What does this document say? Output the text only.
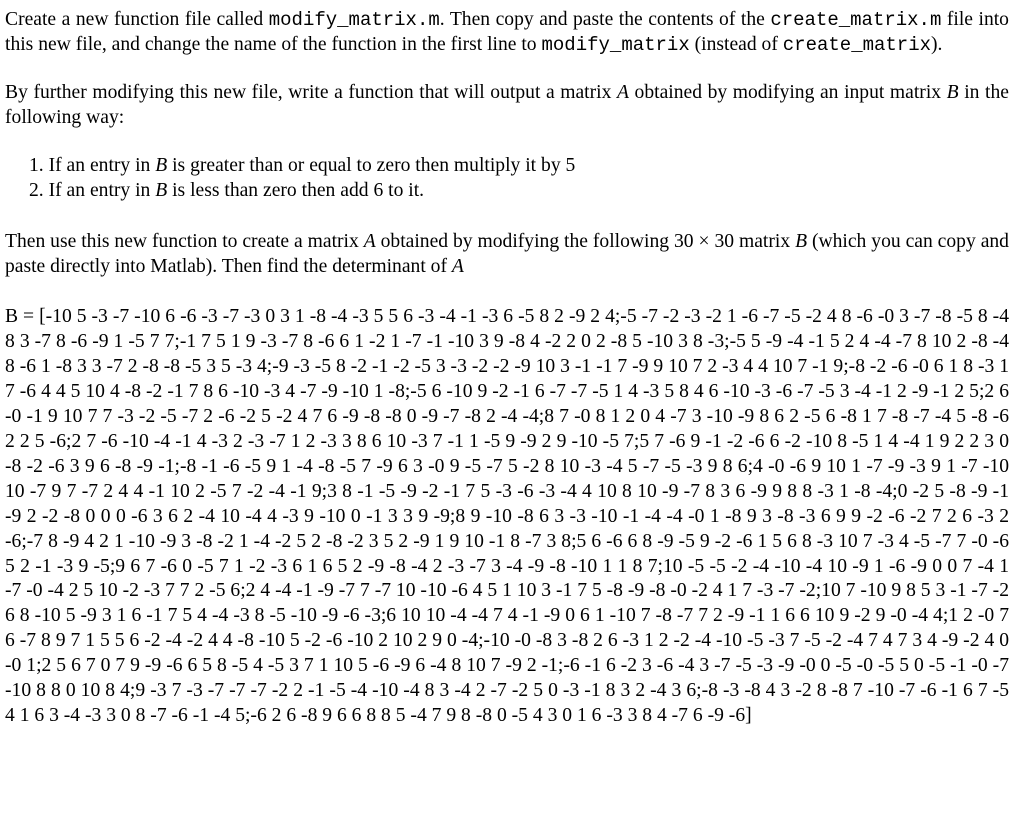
Create a new function file called modify_matrix.m. Then copy and paste the contents of the create_matrix.m file into this new file, and change the name of the function in the first line to modify_matrix (instead of create_matrix).

By further modifying this new file, write a function that will output a matrix A obtained by modifying an input matrix B in the following way:

1. If an entry in B is greater than or equal to zero then multiply it by 5
2. If an entry in B is less than zero then add 6 to it.

Then use this new function to create a matrix A obtained by modifying the following 30 × 30 matrix B (which you can copy and paste directly into Matlab). Then find the determinant of A

B = [-10 5 -3 -7 -10 6 -6 -3 -7 -3 0 3 1 -8 -4 -3 5 5 6 -3 -4 -1 -3 6 -5 8 2 -9 2 4;-5 -7 -2 -3 -2 1 -6 -7 -5 -2 4 8 -6 -0 3 -7 -8 -5 8 -4 8 3 -7 8 -6 -9 1 -5 7 7;-1 7 5 1 9 -3 -7 8 -6 6 1 -2 1 -7 -1 -10 3 9 -8 4 -2 2 0 2 -8 5 -10 3 8 -3;-5 5 -9 -4 -1 5 2 4 -4 -7 8 10 2 -8 -4 8 -6 1 -8 3 3 -7 2 -8 -8 -5 3 5 -3 4;-9 -3 -5 8 -2 -1 -2 -5 3 -3 -2 -2 -9 10 3 -1 -1 7 -9 9 10 7 2 -3 4 4 10 7 -1 9;-8 -2 -6 -0 6 1 8 -3 1 7 -6 4 4 5 10 4 -8 -2 -1 7 8 6 -10 -3 4 -7 -9 -10 1 -8;-5 6 -10 9 -2 -1 6 -7 -7 -5 1 4 -3 5 8 4 6 -10 -3 -6 -7 -5 3 -4 -1 2 -9 -1 2 5;2 6 -0 -1 9 10 7 7 -3 -2 -5 -7 2 -6 -2 5 -2 4 7 6 -9 -8 -8 0 -9 -7 -8 2 -4 -4;8 7 -0 8 1 2 0 4 -7 3 -10 -9 8 6 2 -5 6 -8 1 7 -8 -7 -4 5 -8 -6 2 2 5 -6;2 7 -6 -10 -4 -1 4 -3 2 -3 -7 1 2 -3 3 8 6 10 -3 7 -1 1 -5 9 -9 2 9 -10 -5 7;5 7 -6 9 -1 -2 -6 6 -2 -10 8 -5 1 4 -4 1 9 2 2 3 0 -8 -2 -6 3 9 6 -8 -9 -1;-8 -1 -6 -5 9 1 -4 -8 -5 7 -9 6 3 -0 9 -5 -7 5 -2 8 10 -3 -4 5 -7 -5 -3 9 8 6;4 -0 -6 9 10 1 -7 -9 -3 9 1 -7 -10 10 -7 9 7 -7 2 4 4 -1 10 2 -5 7 -2 -4 -1 9;3 8 -1 -5 -9 -2 -1 7 5 -3 -6 -3 -4 4 10 8 10 -9 -7 8 3 6 -9 9 8 8 -3 1 -8 -4;0 -2 5 -8 -9 -1 -9 2 -2 -8 0 0 0 -6 3 6 2 -4 10 -4 4 -3 9 -10 0 -1 3 3 9 -9;8 9 -10 -8 6 3 -3 -10 -1 -4 -4 -0 1 -8 9 3 -8 -3 6 9 9 -2 -6 -2 7 2 6 -3 2 -6;-7 8 -9 4 2 1 -10 -9 3 -8 -2 1 -4 -2 5 2 -8 -2 3 5 2 -9 1 9 10 -1 8 -7 3 8;5 6 -6 6 8 -9 -5 9 -2 -6 1 5 6 8 -3 10 7 -3 4 -5 -7 7 -0 -6 5 2 -1 -3 9 -5;9 6 7 -6 0 -5 7 1 -2 -3 6 1 6 5 2 -9 -8 -4 2 -3 -7 3 -4 -9 -8 -10 1 1 8 7;10 -5 -5 -2 -4 -10 -4 10 -9 1 -6 -9 0 0 7 -4 1 -7 -0 -4 2 5 10 -2 -3 7 7 2 -5 6;2 4 -4 -1 -9 -7 7 -7 10 -10 -6 4 5 1 10 3 -1 7 5 -8 -9 -8 -0 -2 4 1 7 -3 -7 -2;10 7 -10 9 8 5 3 -1 -7 -2 6 8 -10 5 -9 3 1 6 -1 7 5 4 -4 -3 8 -5 -10 -9 -6 -3;6 10 10 -4 -4 7 4 -1 -9 0 6 1 -10 7 -8 -7 7 2 -9 -1 1 6 6 10 9 -2 9 -0 -4 4;1 2 -0 7 6 -7 8 9 7 1 5 5 6 -2 -4 -2 4 4 -8 -10 5 -2 -6 -10 2 10 2 9 0 -4;-10 -0 -8 3 -8 2 6 -3 1 2 -2 -4 -10 -5 -3 7 -5 -2 -4 7 4 7 3 4 -9 -2 4 0 -0 1;2 5 6 7 0 7 9 -9 -6 6 5 8 -5 4 -5 3 7 1 10 5 -6 -9 6 -4 8 10 7 -9 2 -1;-6 -1 6 -2 3 -6 -4 3 -7 -5 -3 -9 -0 0 -5 -0 -5 5 0 -5 -1 -0 -7 -10 8 8 0 10 8 4;9 -3 7 -3 -7 -7 -7 -2 2 -1 -5 -4 -10 -4 8 3 -4 2 -7 -2 5 0 -3 -1 8 3 2 -4 3 6;-8 -3 -8 4 3 -2 8 -8 7 -10 -7 -6 -1 6 7 -5 4 1 6 3 -4 -3 3 0 8 -7 -6 -1 -4 5;-6 2 6 -8 9 6 6 8 8 5 -4 7 9 8 -8 0 -5 4 3 0 1 6 -3 3 8 4 -7 6 -9 -6]
